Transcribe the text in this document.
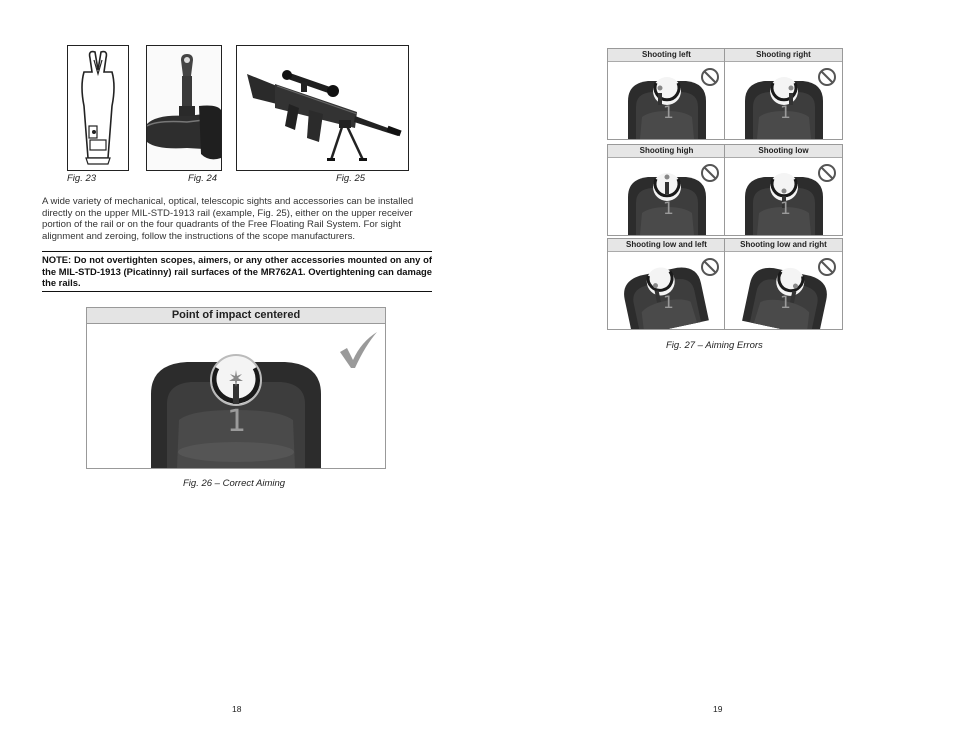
Fig. 23	Fig. 24	Fig. 25
A wide variety of mechanical, optical, telescopic sights and accessories can be installed directly on the upper MIL-STD-1913 rail (example, Fig. 25), either on the upper receiver portion of the rail or on the four quadrants of the Free Floating Rail System. For sight alignment and zeroing, follow the instructions of the scope manufacturers.
NOTE: Do not overtighten scopes, aimers, or any other accessories mounted on any of the MIL-STD-1913 (Picatinny) rail surfaces of the MR762A1. Overtightening can damage the rails.
Point of impact centered
1
Fig. 26 – Correct Aiming
18
Shooting left
1
Shooting right
1
Shooting high
1
Shooting low
1
Shooting low and left
1
Shooting low and right
1
Fig. 27 – Aiming Errors
19
